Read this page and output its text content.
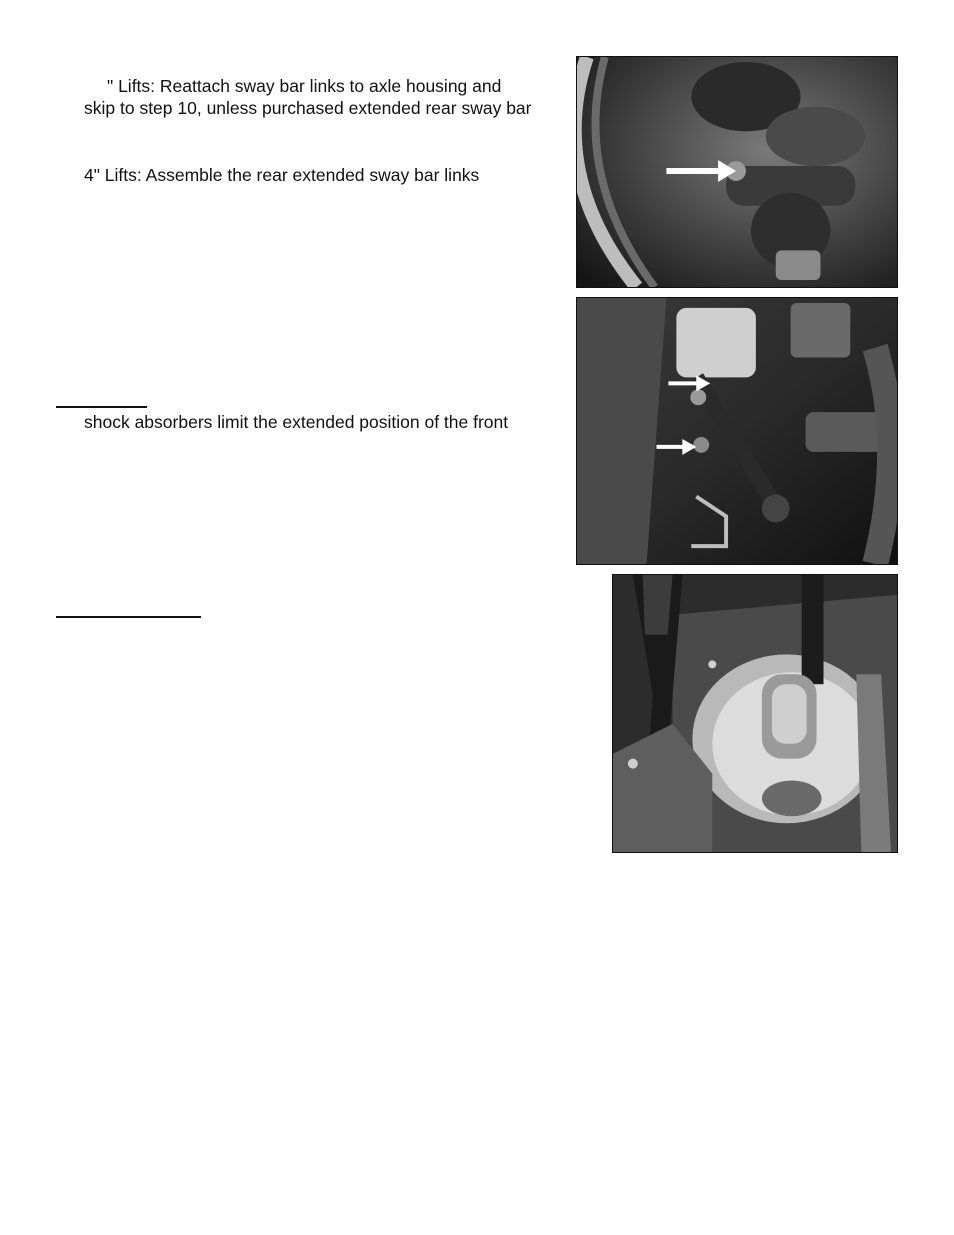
" Lifts: Reattach sway bar links to axle housing and
skip to step 10, unless purchased extended rear sway bar
4" Lifts: Assemble the rear extended sway bar links
shock absorbers limit the extended position of the front
